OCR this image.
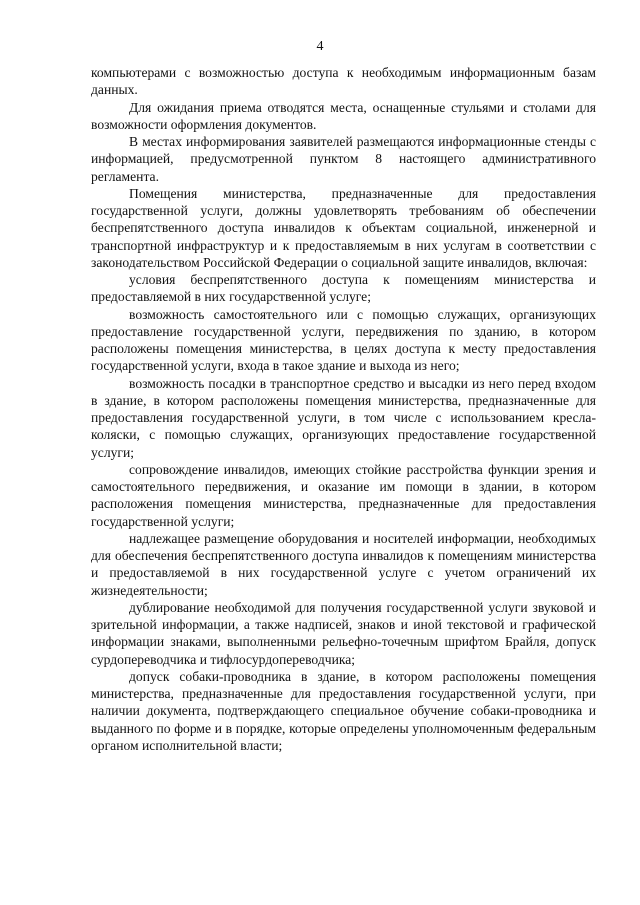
4

компьютерами с возможностью доступа к необходимым информационным базам данных.

Для ожидания приема отводятся места, оснащенные стульями и столами для возможности оформления документов.

В местах информирования заявителей размещаются информационные стенды с информацией, предусмотренной пунктом 8 настоящего административного регламента.

Помещения министерства, предназначенные для предоставления государственной услуги, должны удовлетворять требованиям об обеспечении беспрепятственного доступа инвалидов к объектам социальной, инженерной и транспортной инфраструктур и к предоставляемым в них услугам в соответствии с законодательством Российской Федерации о социальной защите инвалидов, включая:

условия беспрепятственного доступа к помещениям министерства и предоставляемой в них государственной услуге;

возможность самостоятельного или с помощью служащих, организующих предоставление государственной услуги, передвижения по зданию, в котором расположены помещения министерства, в целях доступа к месту предоставления государственной услуги, входа в такое здание и выхода из него;

возможность посадки в транспортное средство и высадки из него перед входом в здание, в котором расположены помещения министерства, предназначенные для предоставления государственной услуги, в том числе с использованием кресла-коляски, с помощью служащих, организующих предоставление государственной услуги;

сопровождение инвалидов, имеющих стойкие расстройства функции зрения и самостоятельного передвижения, и оказание им помощи в здании, в котором расположения помещения министерства, предназначенные для предоставления государственной услуги;

надлежащее размещение оборудования и носителей информации, необходимых для обеспечения беспрепятственного доступа инвалидов к помещениям министерства и предоставляемой в них государственной услуге с учетом ограничений их жизнедеятельности;

дублирование необходимой для получения государственной услуги звуковой и зрительной информации, а также надписей, знаков и иной текстовой и графической информации знаками, выполненными рельефно-точечным шрифтом Брайля, допуск сурдопереводчика и тифлосурдопереводчика;

допуск собаки-проводника в здание, в котором расположены помещения министерства, предназначенные для предоставления государственной услуги, при наличии документа, подтверждающего специальное обучение собаки-проводника и выданного по форме и в порядке, которые определены уполномоченным федеральным органом исполнительной власти;
